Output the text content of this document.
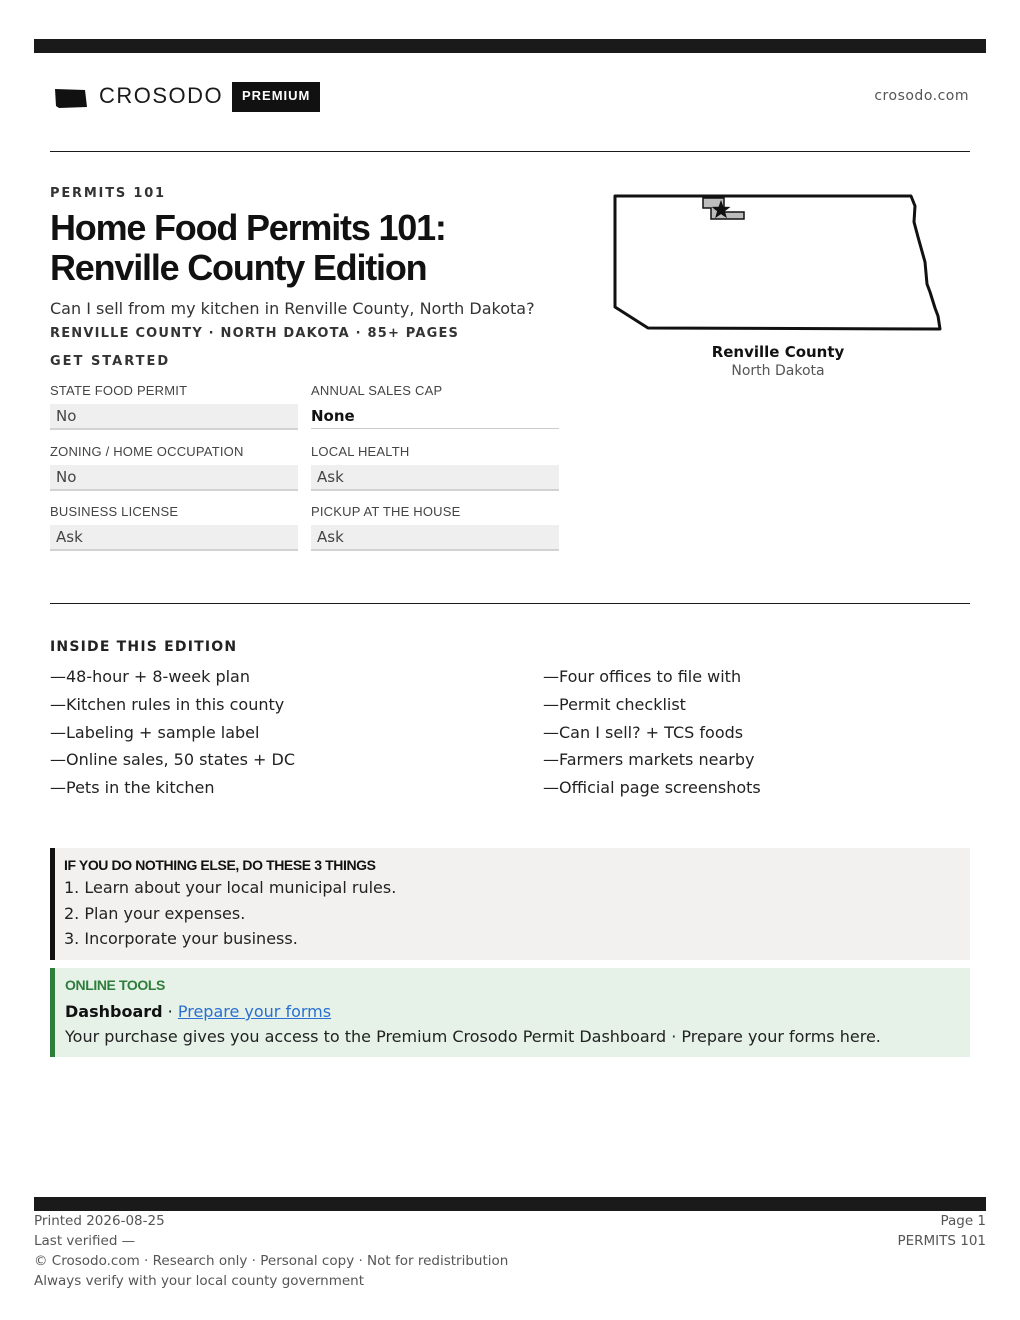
CROSODO	PREMIUM	crosodo.com
PERMITS 101
Home Food Permits 101: Renville County Edition
Can I sell from my kitchen in Renville County, North Dakota?
RENVILLE COUNTY · NORTH DAKOTA · 85+ PAGES
GET STARTED
STATE FOOD PERMIT
No
ANNUAL SALES CAP
None
ZONING / HOME OCCUPATION
No
LOCAL HEALTH
Ask
BUSINESS LICENSE
Ask
PICKUP AT THE HOUSE
Ask
Renville County
North Dakota
INSIDE THIS EDITION
—48-hour + 8-week plan
—Kitchen rules in this county
—Labeling + sample label
—Online sales, 50 states + DC
—Pets in the kitchen
—Four offices to file with
—Permit checklist
—Can I sell? + TCS foods
—Farmers markets nearby
—Official page screenshots
IF YOU DO NOTHING ELSE, DO THESE 3 THINGS
1. Learn about your local municipal rules.
2. Plan your expenses.
3. Incorporate your business.
ONLINE TOOLS
Dashboard · Prepare your forms
Your purchase gives you access to the Premium Crosodo Permit Dashboard · Prepare your forms here.
Printed 2026-08-25
Last verified —
© Crosodo.com · Research only · Personal copy · Not for redistribution
Always verify with your local county government
Page 1
PERMITS 101
